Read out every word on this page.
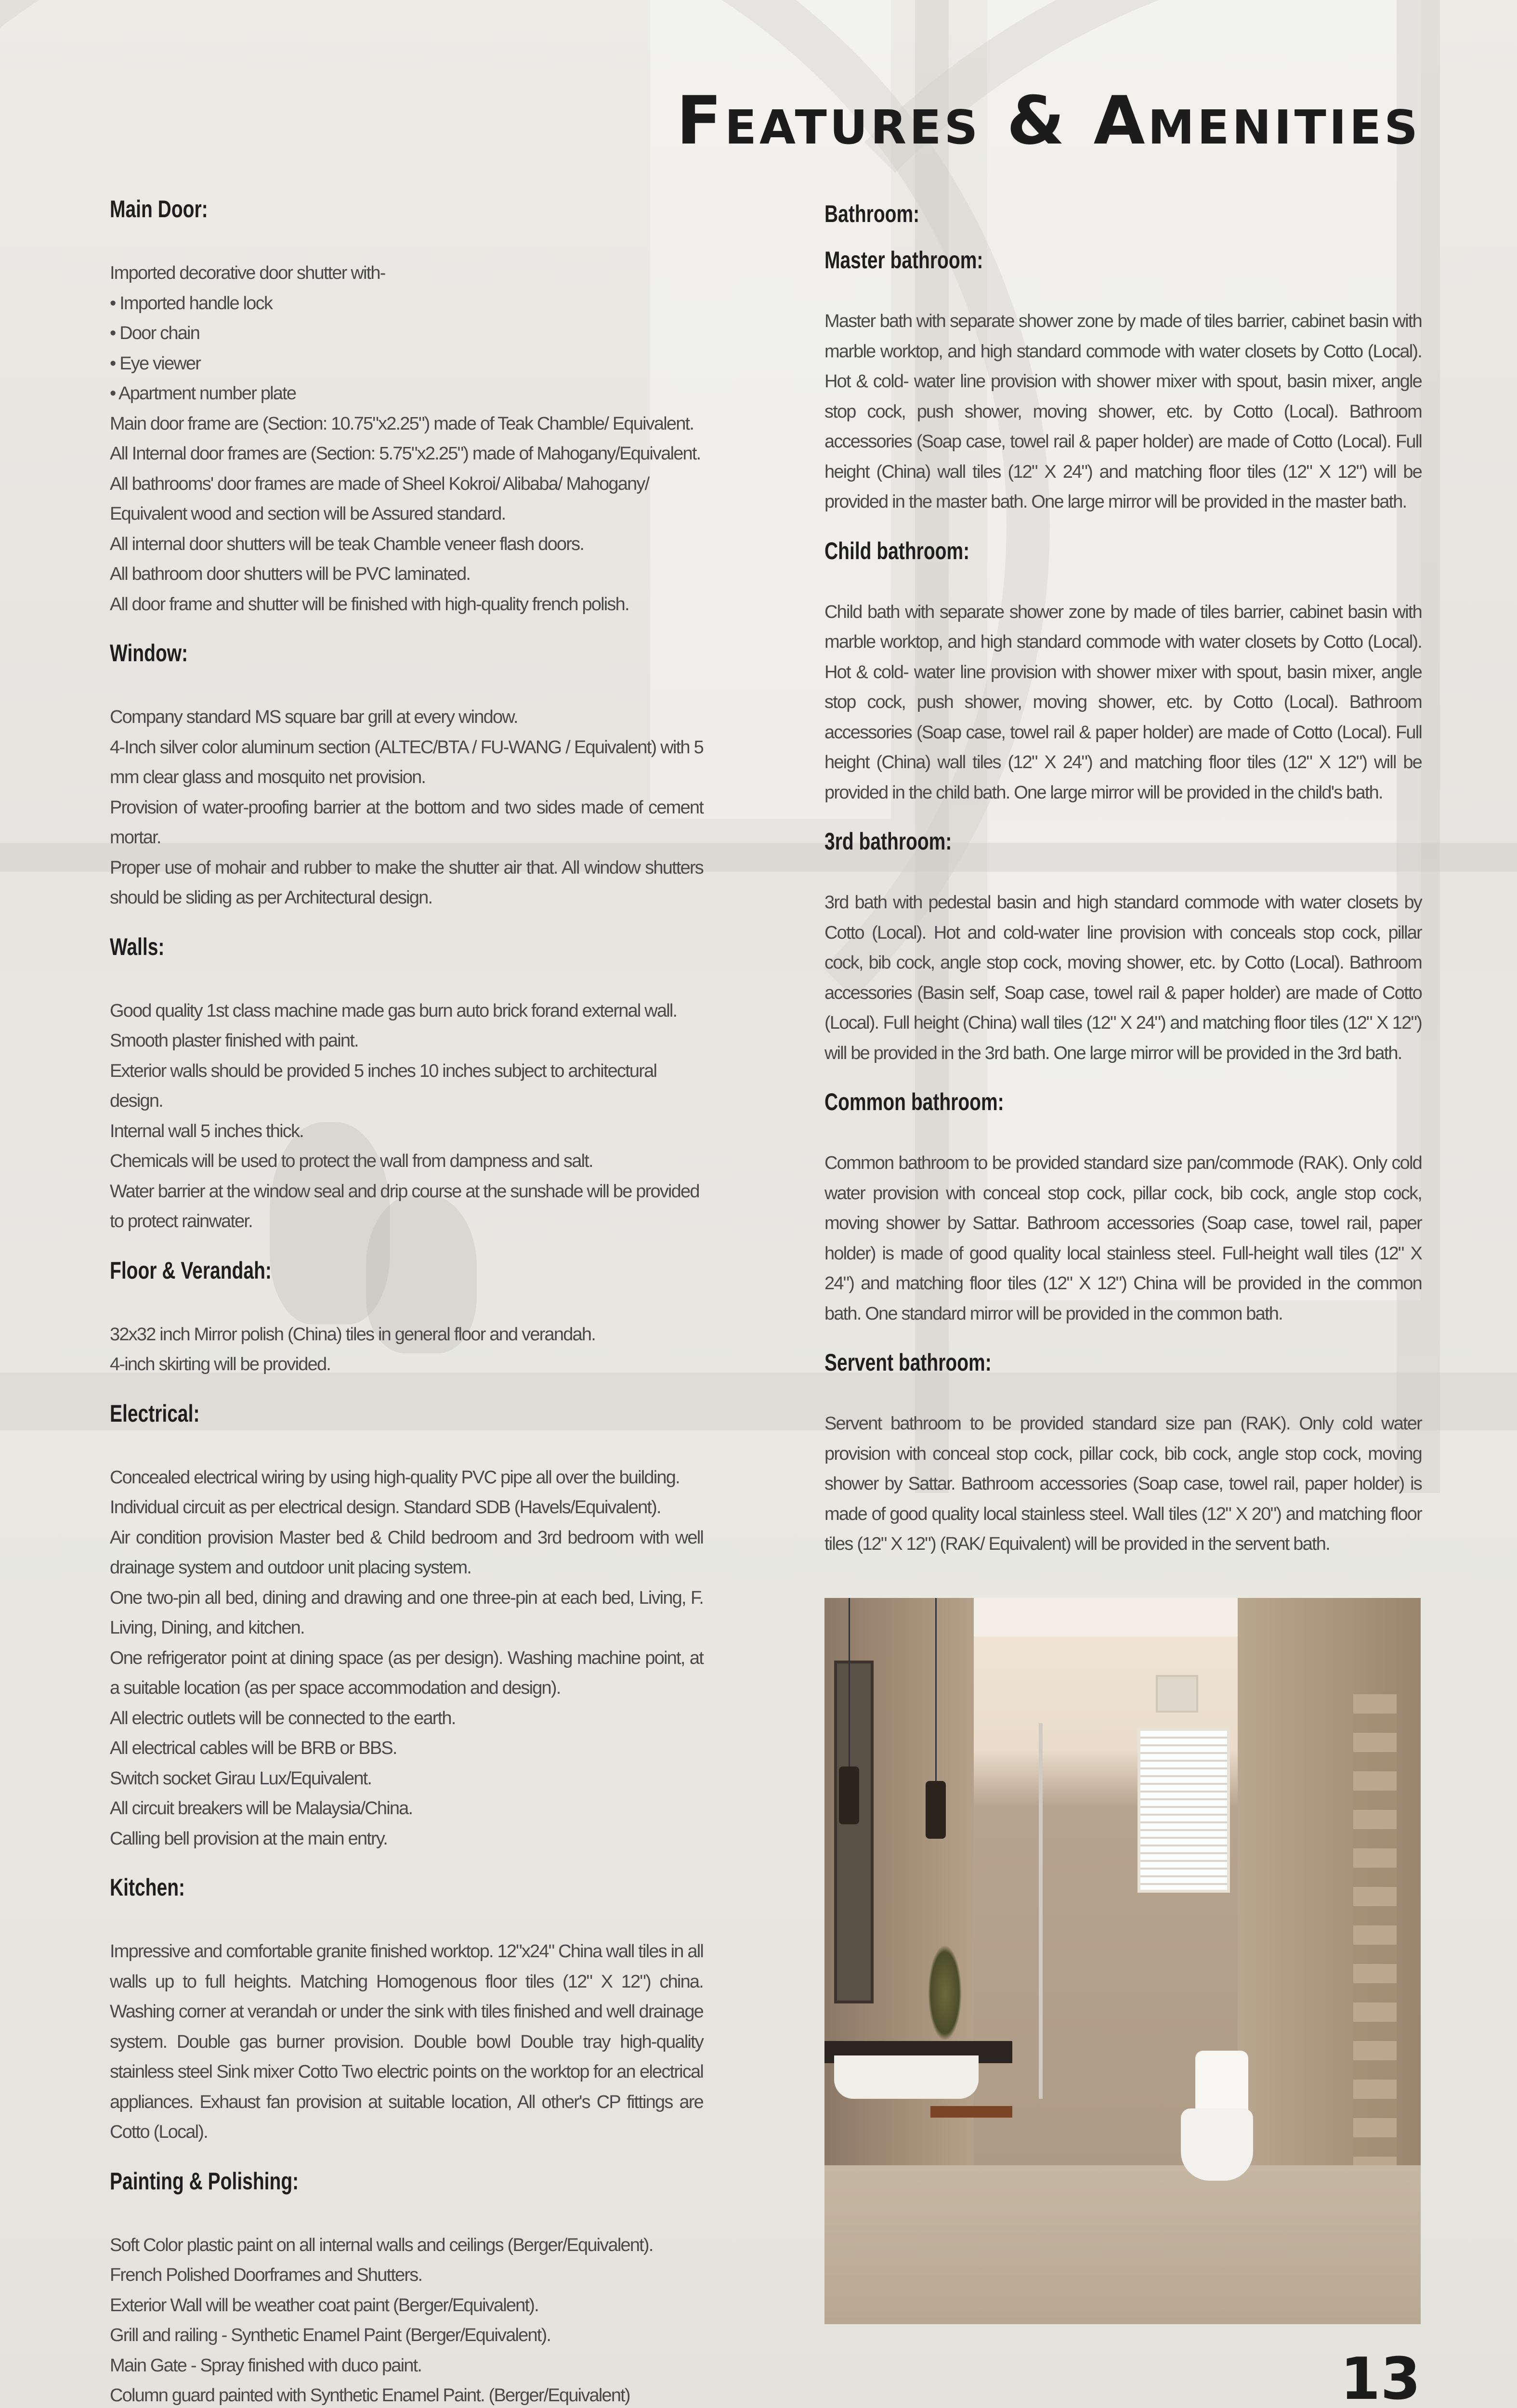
Features & Amenities
Main Door:

Imported decorative door shutter with-

• Imported handle lock

• Door chain

• Eye viewer

• Apartment number plate

Main door frame are (Section: 10.75"x2.25") made of Teak Chamble/ Equivalent.

All Internal door frames are (Section: 5.75"x2.25") made of Mahogany/Equivalent.

All bathrooms' door frames are made of Sheel Kokroi/ Alibaba/ Mahogany/ Equivalent wood and section will be Assured standard.

All internal door shutters will be teak Chamble veneer flash doors.

All bathroom door shutters will be PVC laminated.

All door frame and shutter will be finished with high-quality french polish.

Window:

Company standard MS square bar grill at every window.

4-Inch silver color aluminum section (ALTEC/BTA / FU-WANG / Equivalent) with 5 mm clear glass and mosquito net provision.

Provision of water-proofing barrier at the bottom and two sides made of cement mortar.

Proper use of mohair and rubber to make the shutter air that. All window shutters should be sliding as per Architectural design.

Walls:

Good quality 1st class machine made gas burn auto brick forand external wall.

Smooth plaster finished with paint.

Exterior walls should be provided 5 inches 10 inches subject to architectural design.

Internal wall 5 inches thick.

Chemicals will be used to protect the wall from dampness and salt.

Water barrier at the window seal and drip course at the sunshade will be provided to protect rainwater.

Floor & Verandah:

32x32 inch Mirror polish (China) tiles in general floor and verandah.

4-inch skirting will be provided.

Electrical:

Concealed electrical wiring by using high-quality PVC pipe all over the building.

Individual circuit as per electrical design. Standard SDB (Havels/Equivalent).

Air condition provision Master bed & Child bedroom and 3rd bedroom with well drainage system and outdoor unit placing system.

One two-pin all bed, dining and drawing and one three-pin at each bed, Living, F. Living, Dining, and kitchen.

One refrigerator point at dining space (as per design). Washing machine point, at a suitable location (as per space accommodation and design).

All electric outlets will be connected to the earth.

All electrical cables will be BRB or BBS.

Switch socket Girau Lux/Equivalent.

All circuit breakers will be Malaysia/China.

Calling bell provision at the main entry.

Kitchen:

Impressive and comfortable granite finished worktop. 12"x24" China wall tiles in all walls up to full heights. Matching Homogenous floor tiles (12" X 12") china. Washing corner at verandah or under the sink with tiles finished and well drainage system. Double gas burner provision. Double bowl Double tray high-quality stainless steel Sink mixer Cotto Two electric points on the worktop for an electrical appliances. Exhaust fan provision at suitable location, All other's CP fittings are Cotto (Local).

Painting & Polishing:

Soft Color plastic paint on all internal walls and ceilings (Berger/Equivalent).

French Polished Doorframes and Shutters.

Exterior Wall will be weather coat paint (Berger/Equivalent).

Grill and railing - Synthetic Enamel Paint (Berger/Equivalent).

Main Gate - Spray finished with duco paint.

Column guard painted with Synthetic Enamel Paint. (Berger/Equivalent)

Bathroom:
Master bathroom:

Master bath with separate shower zone by made of tiles barrier, cabinet basin with marble worktop, and high standard commode with water closets by Cotto (Local). Hot & cold- water line provision with shower mixer with spout, basin mixer, angle stop cock, push shower, moving shower, etc. by Cotto (Local). Bathroom accessories (Soap case, towel rail & paper holder) are made of Cotto (Local). Full height (China) wall tiles (12" X 24") and matching floor tiles (12" X 12") will be provided in the master bath. One large mirror will be provided in the master bath.

Child bathroom:

Child bath with separate shower zone by made of tiles barrier, cabinet basin with marble worktop, and high standard commode with water closets by Cotto (Local). Hot & cold- water line provision with shower mixer with spout, basin mixer, angle stop cock, push shower, moving shower, etc. by Cotto (Local). Bathroom accessories (Soap case, towel rail & paper holder) are made of Cotto (Local). Full height (China) wall tiles (12" X 24") and matching floor tiles (12" X 12") will be provided in the child bath. One large mirror will be provided in the child's bath.

3rd bathroom:

3rd bath with pedestal basin and high standard commode with water closets by Cotto (Local). Hot and cold-water line provision with conceals stop cock, pillar cock, bib cock, angle stop cock, moving shower, etc. by Cotto (Local). Bathroom accessories (Basin self, Soap case, towel rail & paper holder) are made of Cotto (Local). Full height (China) wall tiles (12" X 24") and matching floor tiles (12" X 12") will be provided in the 3rd bath. One large mirror will be provided in the 3rd bath.

Common bathroom:

Common bathroom to be provided standard size pan/commode (RAK). Only cold water provision with conceal stop cock, pillar cock, bib cock, angle stop cock, moving shower by Sattar. Bathroom accessories (Soap case, towel rail, paper holder) is made of good quality local stainless steel. Full-height wall tiles (12" X 24") and matching floor tiles (12" X 12") China will be provided in the common bath. One standard mirror will be provided in the common bath.

Servent bathroom:

Servent bathroom to be provided standard size pan (RAK). Only cold water provision with conceal stop cock, pillar cock, bib cock, angle stop cock, moving shower by Sattar. Bathroom accessories (Soap case, towel rail, paper holder) is made of good quality local stainless steel. Wall tiles (12" X 20") and matching floor tiles (12" X 12") (RAK/ Equivalent) will be provided in the servent bath.

13
